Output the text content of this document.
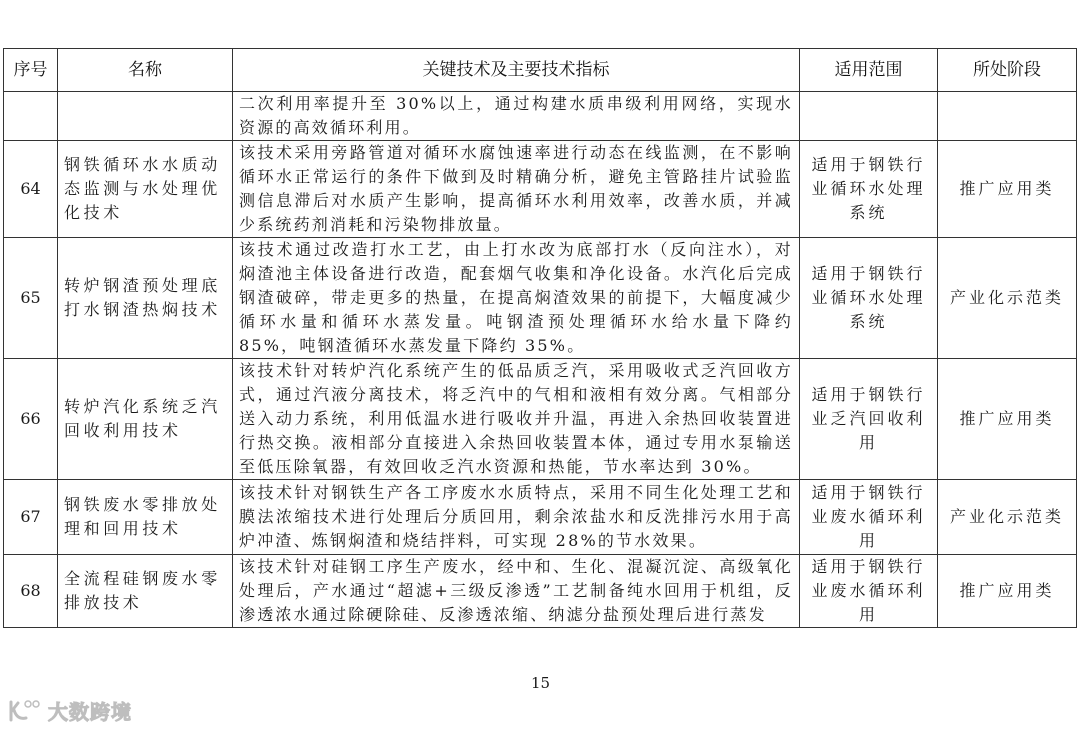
序号	名称	关键技术及主要技术指标	适用范围	所处阶段
		二次利用率提升至 30%以上，通过构建水质串级利用网络，实现水资源的高效循环利用。		
64	钢铁循环水水质动态监测与水处理优化技术	该技术采用旁路管道对循环水腐蚀速率进行动态在线监测，在不影响循环水正常运行的条件下做到及时精确分析，避免主管路挂片试验监测信息滞后对水质产生影响，提高循环水利用效率，改善水质，并减少系统药剂消耗和污染物排放量。	适用于钢铁行业循环水处理系统	推广应用类
65	转炉钢渣预处理底打水钢渣热焖技术	该技术通过改造打水工艺，由上打水改为底部打水（反向注水），对焖渣池主体设备进行改造，配套烟气收集和净化设备。水汽化后完成钢渣破碎，带走更多的热量，在提高焖渣效果的前提下，大幅度减少循环水量和循环水蒸发量。吨钢渣预处理循环水给水量下降约 85%，吨钢渣循环水蒸发量下降约 35%。	适用于钢铁行业循环水处理系统	产业化示范类
66	转炉汽化系统乏汽回收利用技术	该技术针对转炉汽化系统产生的低品质乏汽，采用吸收式乏汽回收方式，通过汽液分离技术，将乏汽中的气相和液相有效分离。气相部分送入动力系统，利用低温水进行吸收并升温，再进入余热回收装置进行热交换。液相部分直接进入余热回收装置本体，通过专用水泵输送至低压除氧器，有效回收乏汽水资源和热能，节水率达到 30%。	适用于钢铁行业乏汽回收利用	推广应用类
67	钢铁废水零排放处理和回用技术	该技术针对钢铁生产各工序废水水质特点，采用不同生化处理工艺和膜法浓缩技术进行处理后分质回用，剩余浓盐水和反洗排污水用于高炉冲渣、炼钢焖渣和烧结拌料，可实现 28%的节水效果。	适用于钢铁行业废水循环利用	产业化示范类
68	全流程硅钢废水零排放技术	该技术针对硅钢工序生产废水，经中和、生化、混凝沉淀、高级氧化处理后，产水通过“超滤+三级反渗透”工艺制备纯水回用于机组，反渗透浓水通过除硬除硅、反渗透浓缩、纳滤分盐预处理后进行蒸发	适用于钢铁行业废水循环利用	推广应用类
15
大数跨境
